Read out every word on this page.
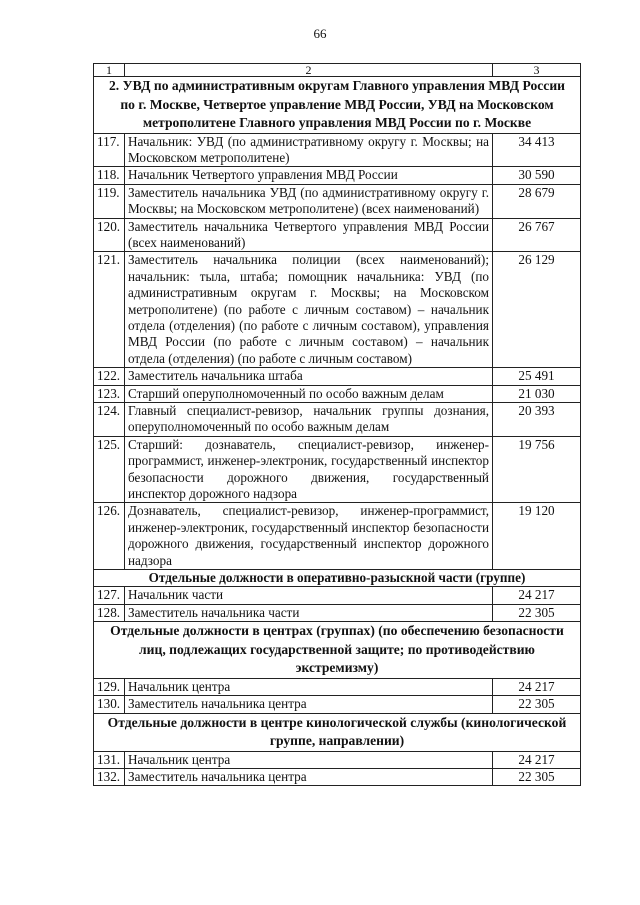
66
1	2	3
2. УВД по административным округам Главного управления МВД России по г. Москве, Четвертое управление МВД России, УВД на Московском метрополитене Главного управления МВД России по г. Москве		
117.	Начальник: УВД (по административному округу г. Москвы; на Московском метрополитене)	34 413
118.	Начальник Четвертого управления МВД России	30 590
119.	Заместитель начальника УВД (по административному округу г. Москвы; на Московском метрополитене) (всех наименований)	28 679
120.	Заместитель начальника Четвертого управления МВД России (всех наименований)	26 767
121.	Заместитель начальника полиции (всех наименований); начальник: тыла, штаба; помощник начальника: УВД (по административным округам г. Москвы; на Московском метрополитене) (по работе с личным составом) – начальник отдела (отделения) (по работе с личным составом), управления МВД России (по работе с личным составом) – начальник отдела (отделения) (по работе с личным составом)	26 129
122.	Заместитель начальника штаба	25 491
123.	Старший оперуполномоченный по особо важным делам	21 030
124.	Главный специалист-ревизор, начальник группы дознания, оперуполномоченный по особо важным делам	20 393
125.	Старший: дознаватель, специалист-ревизор, инженер-программист, инженер-электроник, государственный инспектор безопасности дорожного движения, государственный инспектор дорожного надзора	19 756
126.	Дознаватель, специалист-ревизор, инженер-программист, инженер-электроник, государственный инспектор безопасности дорожного движения, государственный инспектор дорожного надзора	19 120
Отдельные должности в оперативно-разыскной части (группе)		
127.	Начальник части	24 217
128.	Заместитель начальника части	22 305
Отдельные должности в центрах (группах) (по обеспечению безопасности лиц, подлежащих государственной защите; по противодействию экстремизму)		
129.	Начальник центра	24 217
130.	Заместитель начальника центра	22 305
Отдельные должности в центре кинологической службы (кинологической группе, направлении)		
131.	Начальник центра	24 217
132.	Заместитель начальника центра	22 305
